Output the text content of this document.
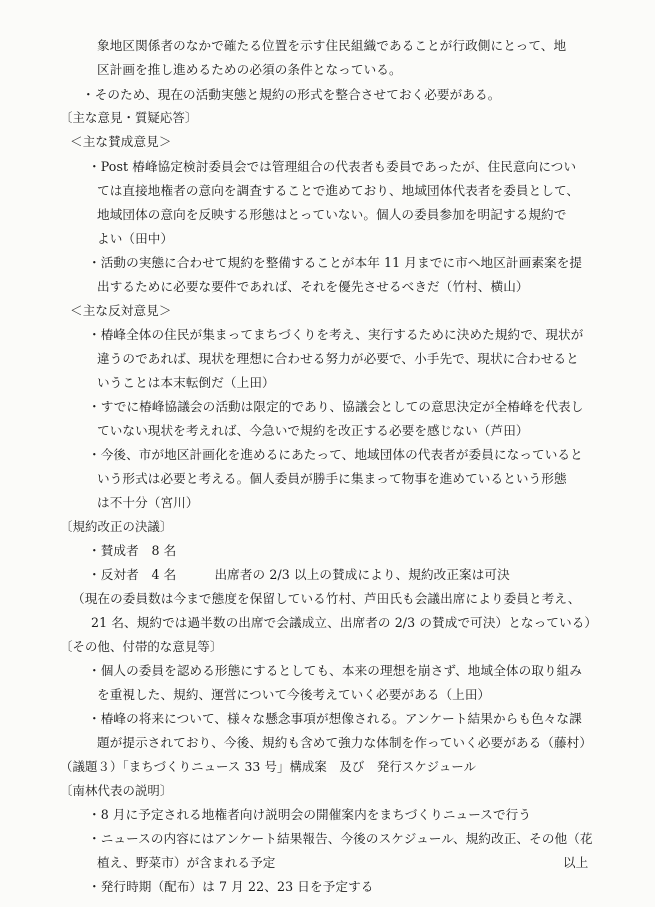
象地区関係者のなかで確たる位置を示す住民組織であることが行政側にとって、地
区計画を推し進めるための必須の条件となっている。
・そのため、現在の活動実態と規約の形式を整合させておく必要がある。
〔主な意見・質疑応答〕
＜主な賛成意見＞
・Post 椿峰協定検討委員会では管理組合の代表者も委員であったが、住民意向につい
ては直接地権者の意向を調査することで進めており、地域団体代表者を委員として、
地域団体の意向を反映する形態はとっていない。個人の委員参加を明記する規約で
よい（田中）
・活動の実態に合わせて規約を整備することが本年 11 月までに市へ地区計画素案を提
出するために必要な要件であれば、それを優先させるべきだ（竹村、横山）
＜主な反対意見＞
・椿峰全体の住民が集まってまちづくりを考え、実行するために決めた規約で、現状が
違うのであれば、現状を理想に合わせる努力が必要で、小手先で、現状に合わせると
いうことは本末転倒だ（上田）
・すでに椿峰協議会の活動は限定的であり、協議会としての意思決定が全椿峰を代表し
ていない現状を考えれば、今急いで規約を改正する必要を感じない（芦田）
・今後、市が地区計画化を進めるにあたって、地域団体の代表者が委員になっていると
いう形式は必要と考える。個人委員が勝手に集まって物事を進めているという形態
は不十分（宮川）
〔規約改正の決議〕
・賛成者　8 名
・反対者　4 名　　　出席者の 2/3 以上の賛成により、規約改正案は可決
（現在の委員数は今まで態度を保留している竹村、芦田氏も会議出席により委員と考え、
21 名、規約では過半数の出席で会議成立、出席者の 2/3 の賛成で可決）となっている）
〔その他、付帯的な意見等〕
・個人の委員を認める形態にするとしても、本来の理想を崩さず、地域全体の取り組み
を重視した、規約、運営について今後考えていく必要がある（上田）
・椿峰の将来について、様々な懸念事項が想像される。アンケート結果からも色々な課
題が提示されており、今後、規約も含めて強力な体制を作っていく必要がある（藤村）
（議題３）「まちづくりニュース 33 号」構成案　及び　発行スケジュール
〔南林代表の説明〕
・8 月に予定される地権者向け説明会の開催案内をまちづくりニュースで行う
・ニュースの内容にはアンケート結果報告、今後のスケジュール、規約改正、その他（花
植え、野菜市）が含まれる予定
・発行時期（配布）は 7 月 22、23 日を予定する
以上
